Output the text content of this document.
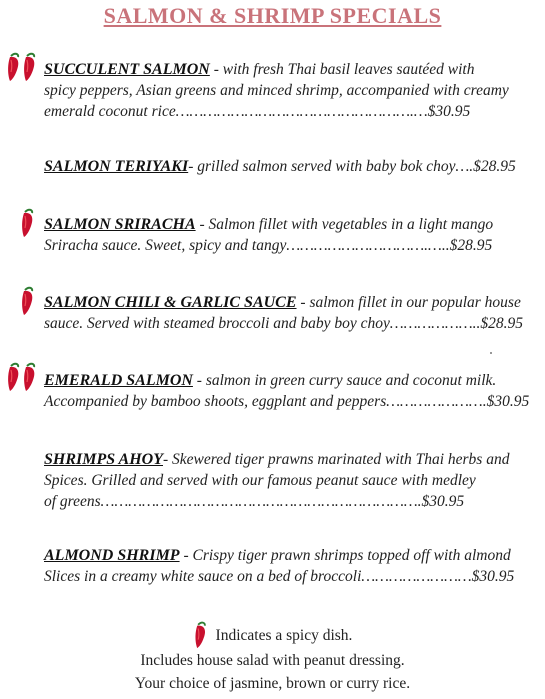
SALMON & SHRIMP SPECIALS
SUCCULENT SALMON - with fresh Thai basil leaves sautéed with
spicy peppers, Asian greens and minced shrimp, accompanied with creamy
emerald coconut rice…………………………………………….…$30.95
SALMON TERIYAKI- grilled salmon served with baby bok choy….$28.95
SALMON SRIRACHA - Salmon fillet with vegetables in a light mango
Sriracha sauce. Sweet, spicy and tangy………………………….…..$28.95
SALMON CHILI & GARLIC SAUCE - salmon fillet in our popular house
sauce. Served with steamed broccoli and baby boy choy………………..$28.95
EMERALD SALMON - salmon in green curry sauce and coconut milk.
Accompanied by bamboo shoots, eggplant and peppers………………….$30.95
SHRIMPS AHOY- Skewered tiger prawns marinated with Thai herbs and
Spices. Grilled and served with our famous peanut sauce with medley
of greens…………………………………………………………….$30.95
ALMOND SHRIMP - Crispy tiger prawn shrimps topped off with almond
Slices in a creamy white sauce on a bed of broccoli……………………$30.95
Indicates a spicy dish.
Includes house salad with peanut dressing.
Your choice of jasmine, brown or curry rice.
